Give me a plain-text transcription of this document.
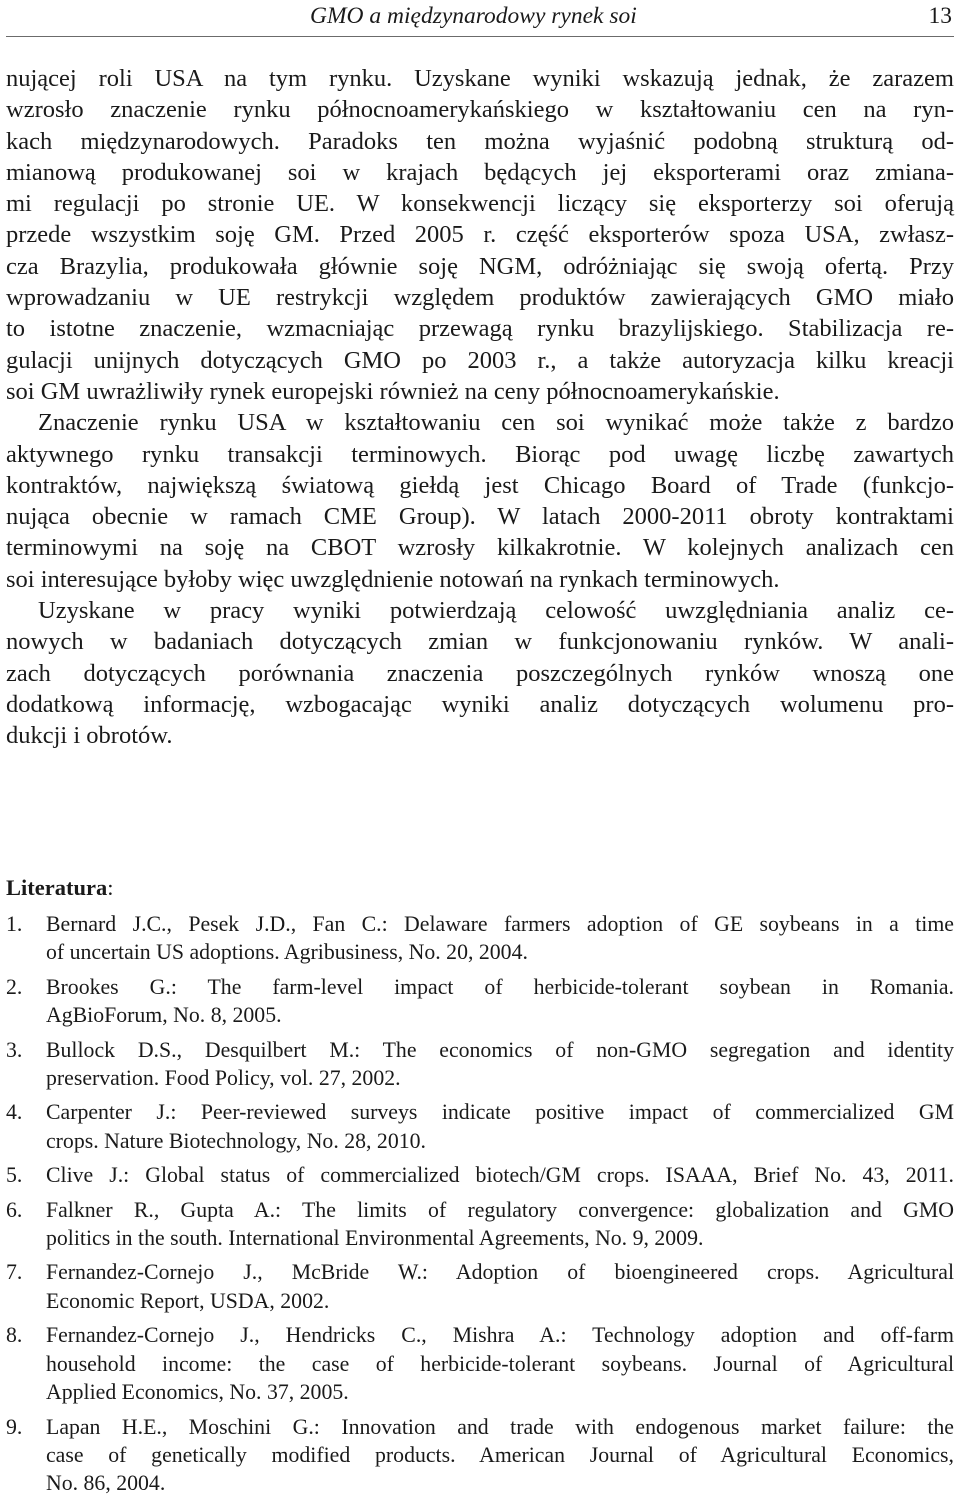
GMO a międzynarodowy rynek soi	13

nującej roli USA na tym rynku. Uzyskane wyniki wskazują jednak, że zarazem
wzrosło znaczenie rynku północnoamerykańskiego w kształtowaniu cen na ryn-
kach międzynarodowych. Paradoks ten można wyjaśnić podobną strukturą od-
mianową produkowanej soi w krajach będących jej eksporterami oraz zmiana-
mi regulacji po stronie UE. W konsekwencji liczący się eksporterzy soi oferują
przede wszystkim soję GM. Przed 2005 r. część eksporterów spoza USA, zwłasz-
cza Brazylia, produkowała głównie soję NGM, odróżniając się swoją ofertą. Przy
wprowadzaniu w UE restrykcji względem produktów zawierających GMO miało
to istotne znaczenie, wzmacniając przewagą rynku brazylijskiego. Stabilizacja re-
gulacji unijnych dotyczących GMO po 2003 r., a także autoryzacja kilku kreacji
soi GM uwrażliwiły rynek europejski również na ceny północnoamerykańskie.

Znaczenie rynku USA w kształtowaniu cen soi wynikać może także z bardzo
aktywnego rynku transakcji terminowych. Biorąc pod uwagę liczbę zawartych
kontraktów, największą światową giełdą jest Chicago Board of Trade (funkcjo-
nująca obecnie w ramach CME Group). W latach 2000-2011 obroty kontraktami
terminowymi na soję na CBOT wzrosły kilkakrotnie. W kolejnych analizach cen
soi interesujące byłoby więc uwzględnienie notowań na rynkach terminowych.

Uzyskane w pracy wyniki potwierdzają celowość uwzględniania analiz ce-
nowych w badaniach dotyczących zmian w funkcjonowaniu rynków. W anali-
zach dotyczących porównania znaczenia poszczególnych rynków wnoszą one
dodatkową informację, wzbogacając wyniki analiz dotyczących wolumenu pro-
dukcji i obrotów.

Literatura:
1. Bernard J.C., Pesek J.D., Fan C.: Delaware farmers adoption of GE soybeans in a time
of uncertain US adoptions. Agribusiness, No. 20, 2004.
2. Brookes G.: The farm-level impact of herbicide-tolerant soybean in Romania.
AgBioForum, No. 8, 2005.
3. Bullock D.S., Desquilbert M.: The economics of non-GMO segregation and identity
preservation. Food Policy, vol. 27, 2002.
4. Carpenter J.: Peer-reviewed surveys indicate positive impact of commercialized GM
crops. Nature Biotechnology, No. 28, 2010.
5. Clive J.: Global status of commercialized biotech/GM crops. ISAAA, Brief No. 43, 2011.
6. Falkner R., Gupta A.: The limits of regulatory convergence: globalization and GMO
politics in the south. International Environmental Agreements, No. 9, 2009.
7. Fernandez-Cornejo J., McBride W.: Adoption of bioengineered crops. Agricultural
Economic Report, USDA, 2002.
8. Fernandez-Cornejo J., Hendricks C., Mishra A.: Technology adoption and off-farm
household income: the case of herbicide-tolerant soybeans. Journal of Agricultural
Applied Economics, No. 37, 2005.
9. Lapan H.E., Moschini G.: Innovation and trade with endogenous market failure: the
case of genetically modified products. American Journal of Agricultural Economics,
No. 86, 2004.
